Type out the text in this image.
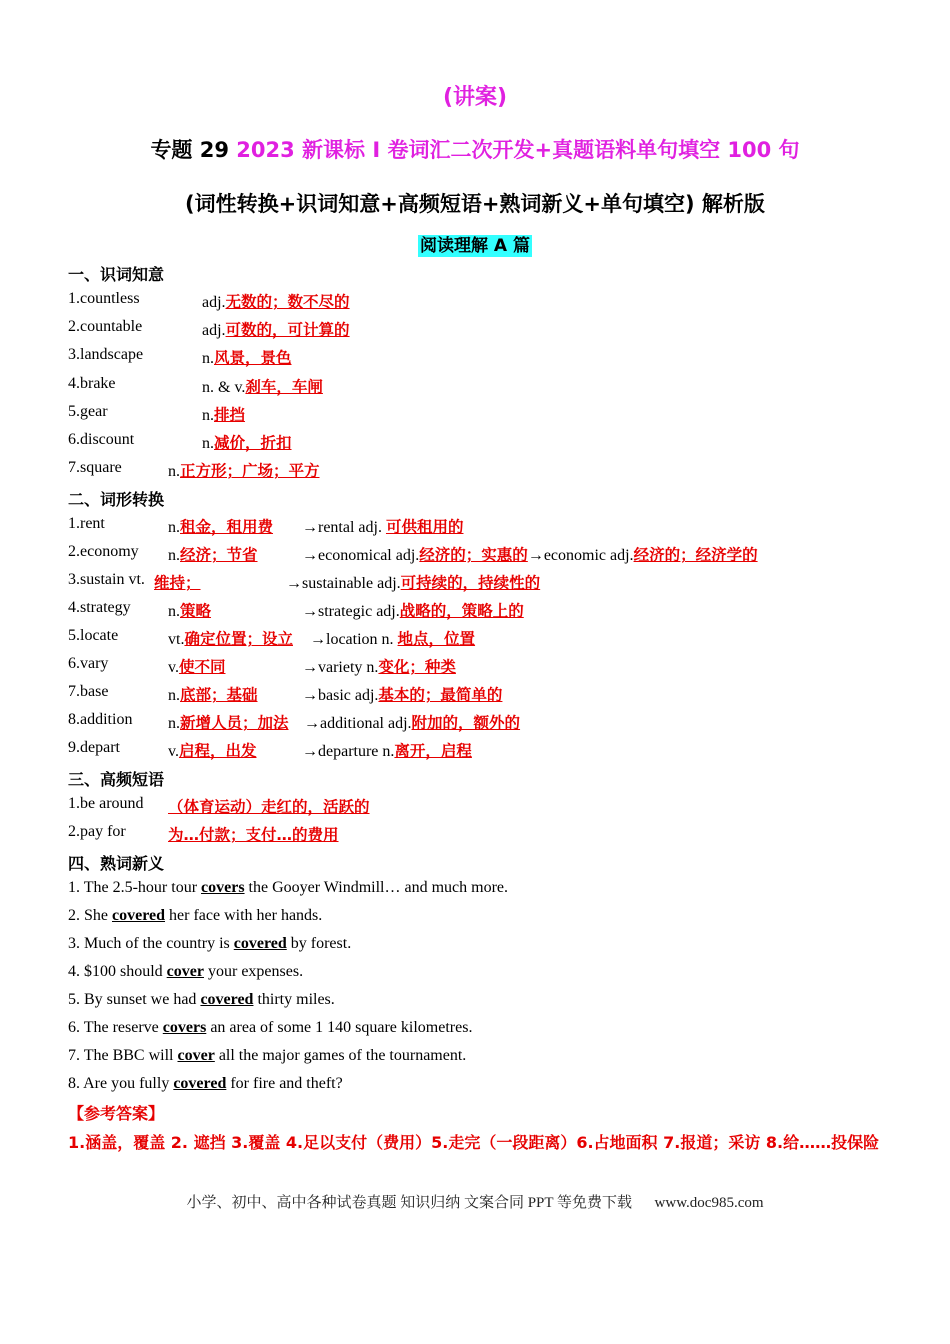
(讲案)
专题 29 2023 新课标 I 卷词汇二次开发+真题语料单句填空 100 句
(词性转换+识词知意+高频短语+熟词新义+单句填空) 解析版
阅读理解 A 篇
一、识词知意
1.countless	adj.无数的；数不尽的
2.countable	adj.可数的，可计算的
3.landscape	n.风景，景色
4.brake	n. & v.刹车，车闸
5.gear	n.排挡
6.discount	n.减价，折扣
7.square	n.正方形；广场；平方
二、词形转换
1.rent	n.租金，租用费 →rental adj. 可供租用的
2.economy n.经济；节省	→economical adj.经济的；实惠的→economic adj.经济的；经济学的
3.sustain vt. 维持；	→sustainable adj.可持续的，持续性的
4.strategy n.策略	→strategic adj.战略的，策略上的
5.locate	vt.确定位置；设立 →location n. 地点，位置
6.vary	v.使不同	→variety n.变化；种类
7.base	n.底部；基础	→basic adj.基本的；最简单的
8.addition n.新增人员；加法 →additional adj.附加的，额外的
9.depart	v.启程，出发	→departure n.离开，启程
三、高频短语
1.be around （体育运动）走红的，活跃的
2.pay for	为…付款；支付…的费用
四、熟词新义
1. The 2.5-hour tour covers the Gooyer Windmill… and much more.
2. She covered her face with her hands.
3. Much of the country is covered by forest.
4. $100 should cover your expenses.
5. By sunset we had covered thirty miles.
6. The reserve covers an area of some 1 140 square kilometres.
7. The BBC will cover all the major games of the tournament.
8. Are you fully covered for fire and theft?
【参考答案】
1.涵盖，覆盖 2. 遮挡 3.覆盖 4.足以支付（费用）5.走完（一段距离）6.占地面积 7.报道；采访 8.给……投保险
小学、初中、高中各种试卷真题 知识归纳 文案合同 PPT 等免费下载 　 www.doc985.com
